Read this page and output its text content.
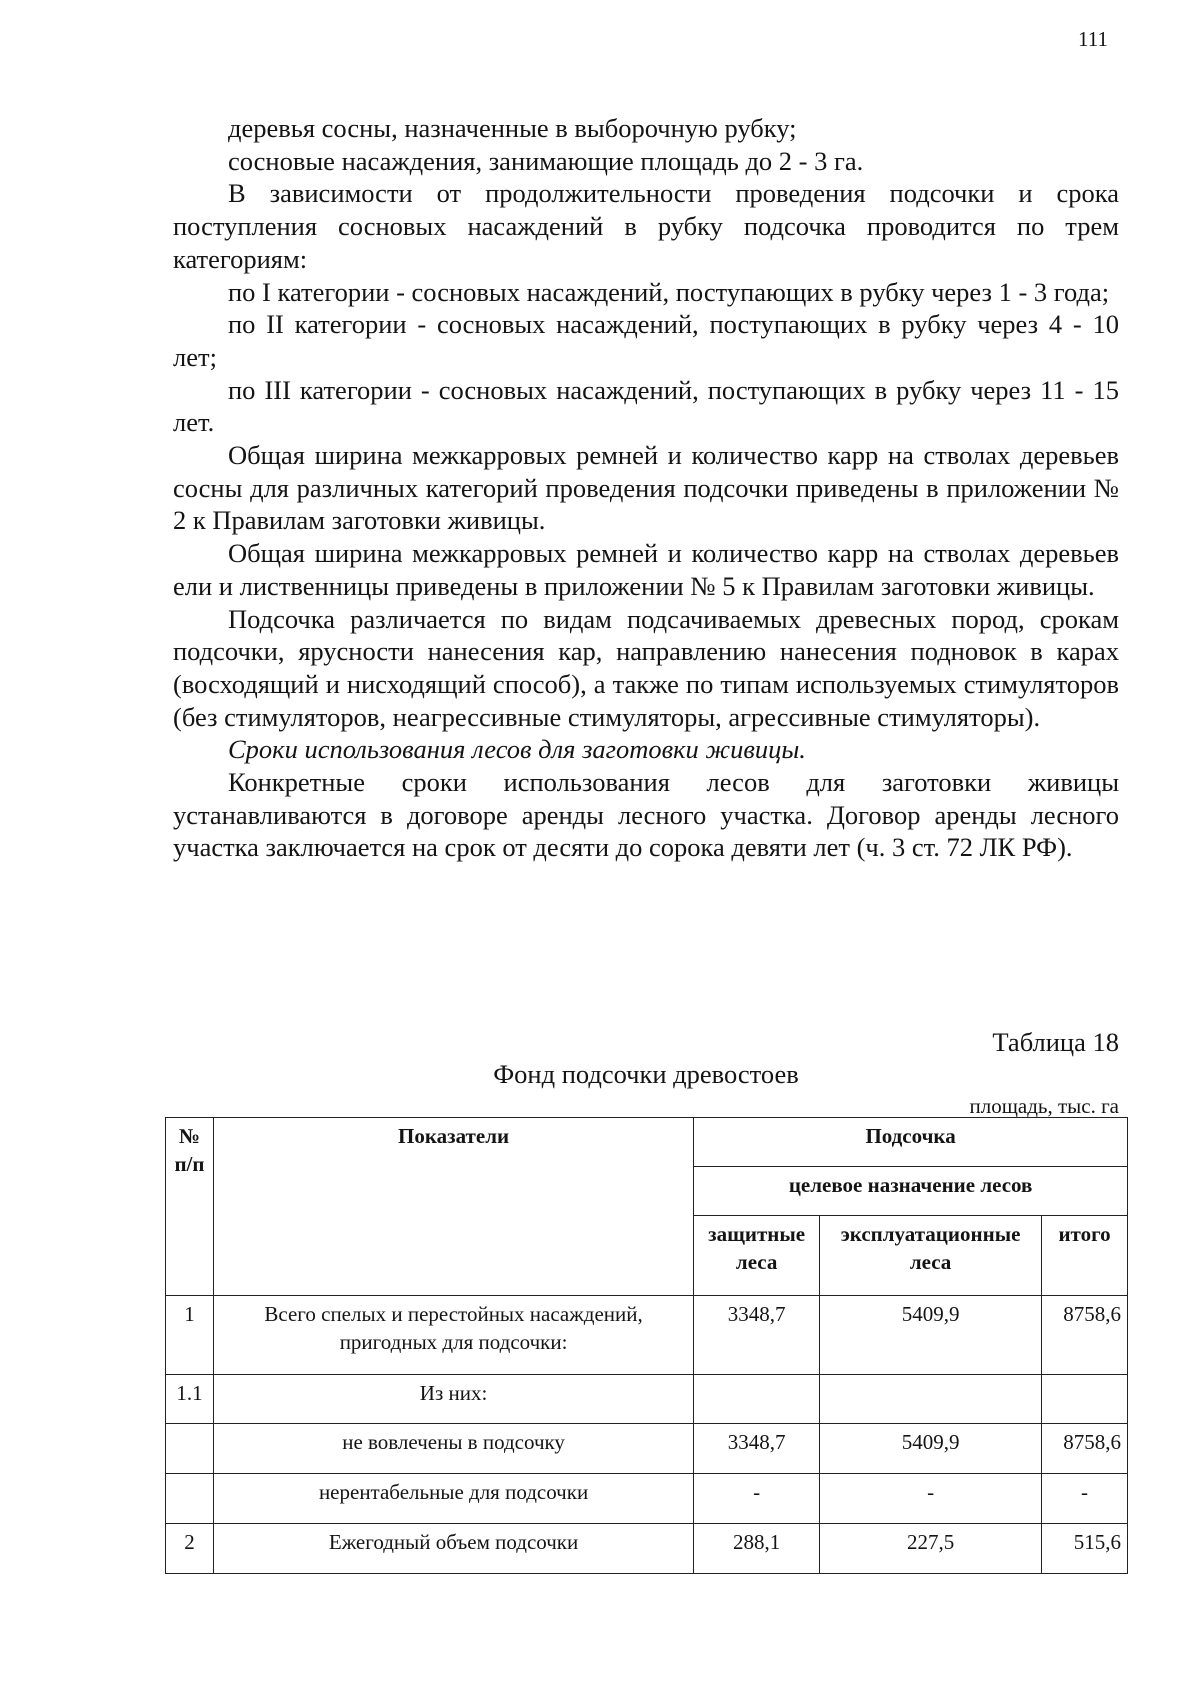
111

деревья сосны, назначенные в выборочную рубку;

сосновые насаждения, занимающие площадь до 2 - 3 га.

В зависимости от продолжительности проведения подсочки и срока поступления сосновых насаждений в рубку подсочка проводится по трем категориям:

по I категории - сосновых насаждений, поступающих в рубку через 1 - 3 года;

по II категории - сосновых насаждений, поступающих в рубку через 4 - 10 лет;

по III категории - сосновых насаждений, поступающих в рубку через 11 - 15 лет.

Общая ширина межкарровых ремней и количество карр на стволах деревьев сосны для различных категорий проведения подсочки приведены в приложении № 2 к Правилам заготовки живицы.

Общая ширина межкарровых ремней и количество карр на стволах деревьев ели и лиственницы приведены в приложении № 5 к Правилам заготовки живицы.

Подсочка различается по видам подсачиваемых древесных пород, срокам подсочки, ярусности нанесения кар, направлению нанесения подновок в карах (восходящий и нисходящий способ), а также по типам используемых стимуляторов (без стимуляторов, неагрессивные стимуляторы, агрессивные стимуляторы).

Сроки использования лесов для заготовки живицы.

Конкретные сроки использования лесов для заготовки живицы устанавливаются в договоре аренды лесного участка. Договор аренды лесного участка заключается на срок от десяти до сорока девяти лет (ч. 3 ст. 72 ЛК РФ).

Таблица 18
Фонд подсочки древостоев
площадь, тыс. га
№ п/п	Показатели	Подсочка		
		целевое назначение лесов		
		защитные леса	эксплуатационные леса	итого
1	Всего спелых и перестойных насаждений, пригодных для подсочки:	3348,7	5409,9	8758,6
1.1	Из них:			
	не вовлечены в подсочку	3348,7	5409,9	8758,6
	нерентабельные для подсочки	-	-	-
2	Ежегодный объем подсочки	288,1	227,5	515,6
